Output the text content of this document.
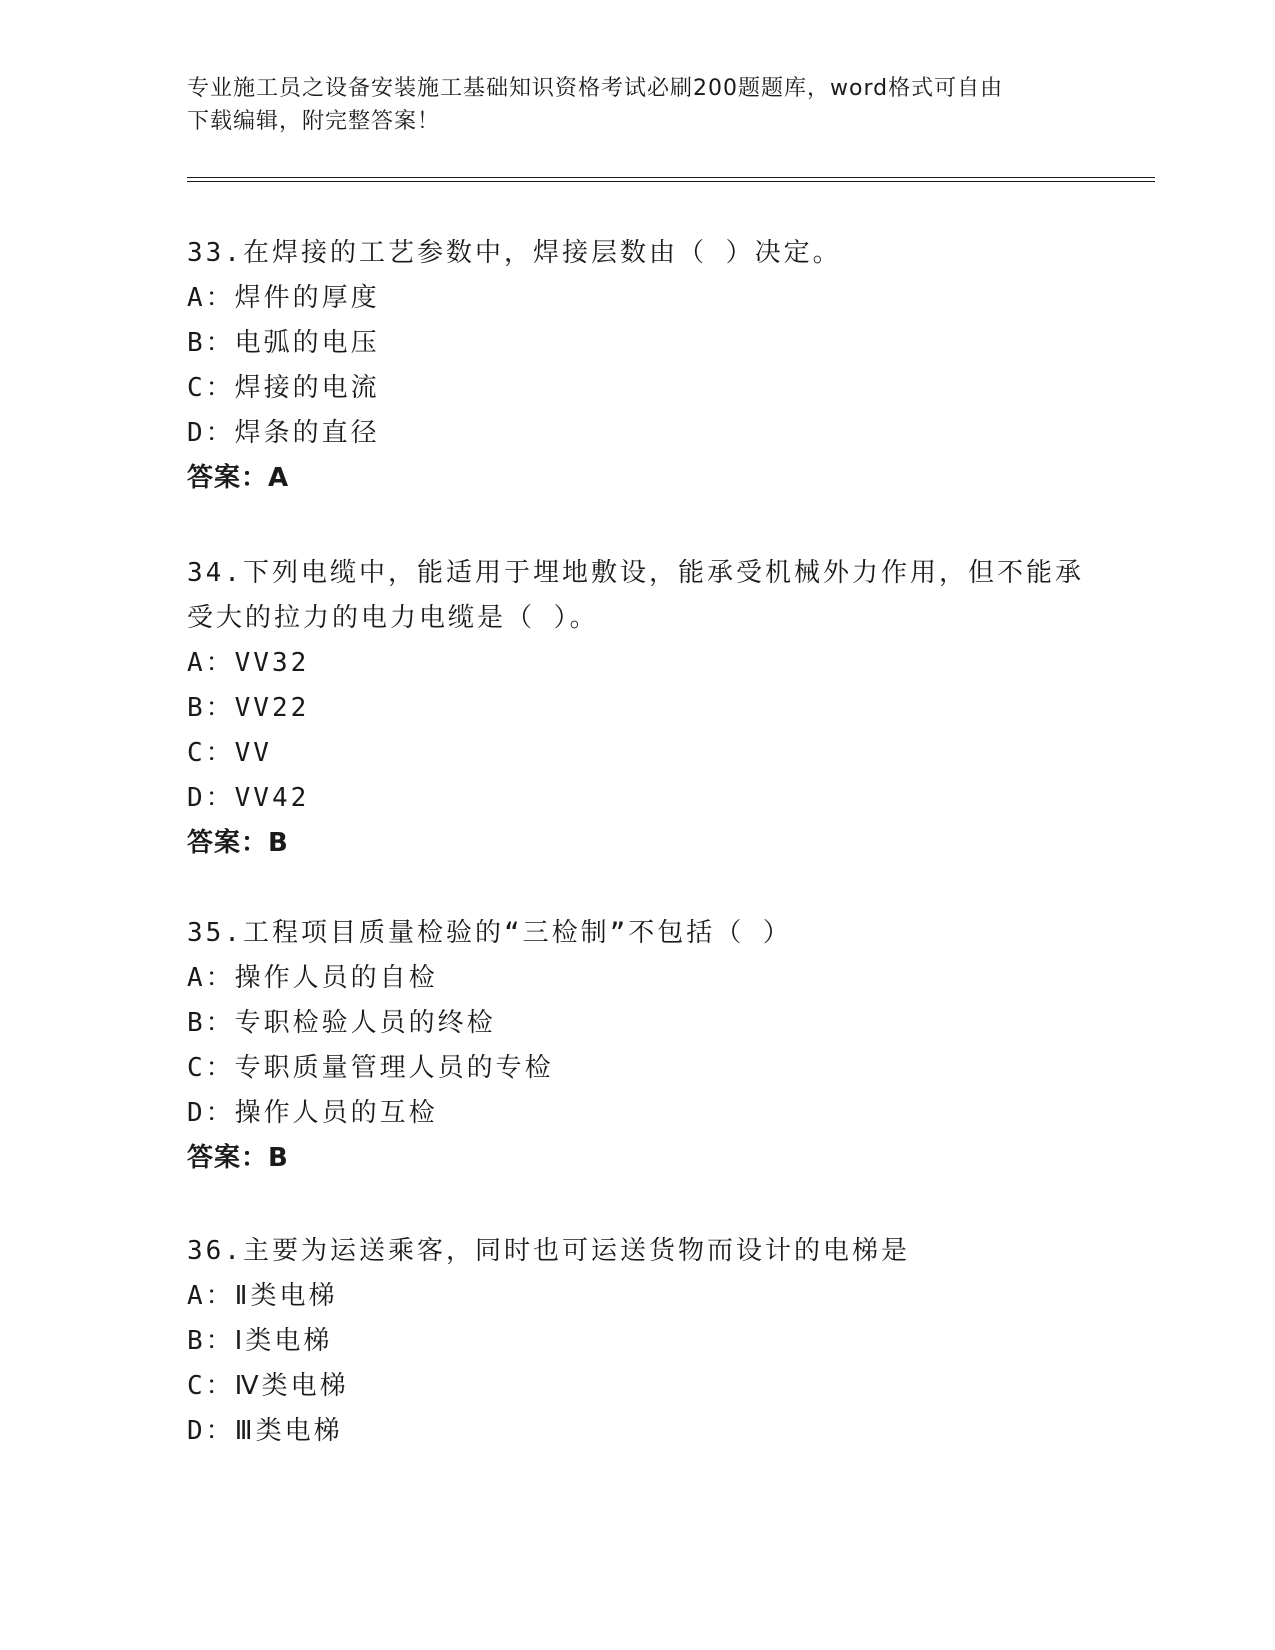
专业施工员之设备安装施工基础知识资格考试必刷200题题库，word格式可自由
下载编辑，附完整答案！
33.在焊接的工艺参数中，焊接层数由（ ）决定。
A：焊件的厚度
B：电弧的电压
C：焊接的电流
D：焊条的直径
答案：A
34.下列电缆中，能适用于埋地敷设，能承受机械外力作用，但不能承
受大的拉力的电力电缆是（ ）。
A：VV32
B：VV22
C：VV
D：VV42
答案：B
35.工程项目质量检验的“三检制”不包括（ ）
A：操作人员的自检
B：专职检验人员的终检
C：专职质量管理人员的专检
D：操作人员的互检
答案：B
36.主要为运送乘客，同时也可运送货物而设计的电梯是
A：Ⅱ类电梯
B：Ⅰ类电梯
C：Ⅳ类电梯
D：Ⅲ类电梯
